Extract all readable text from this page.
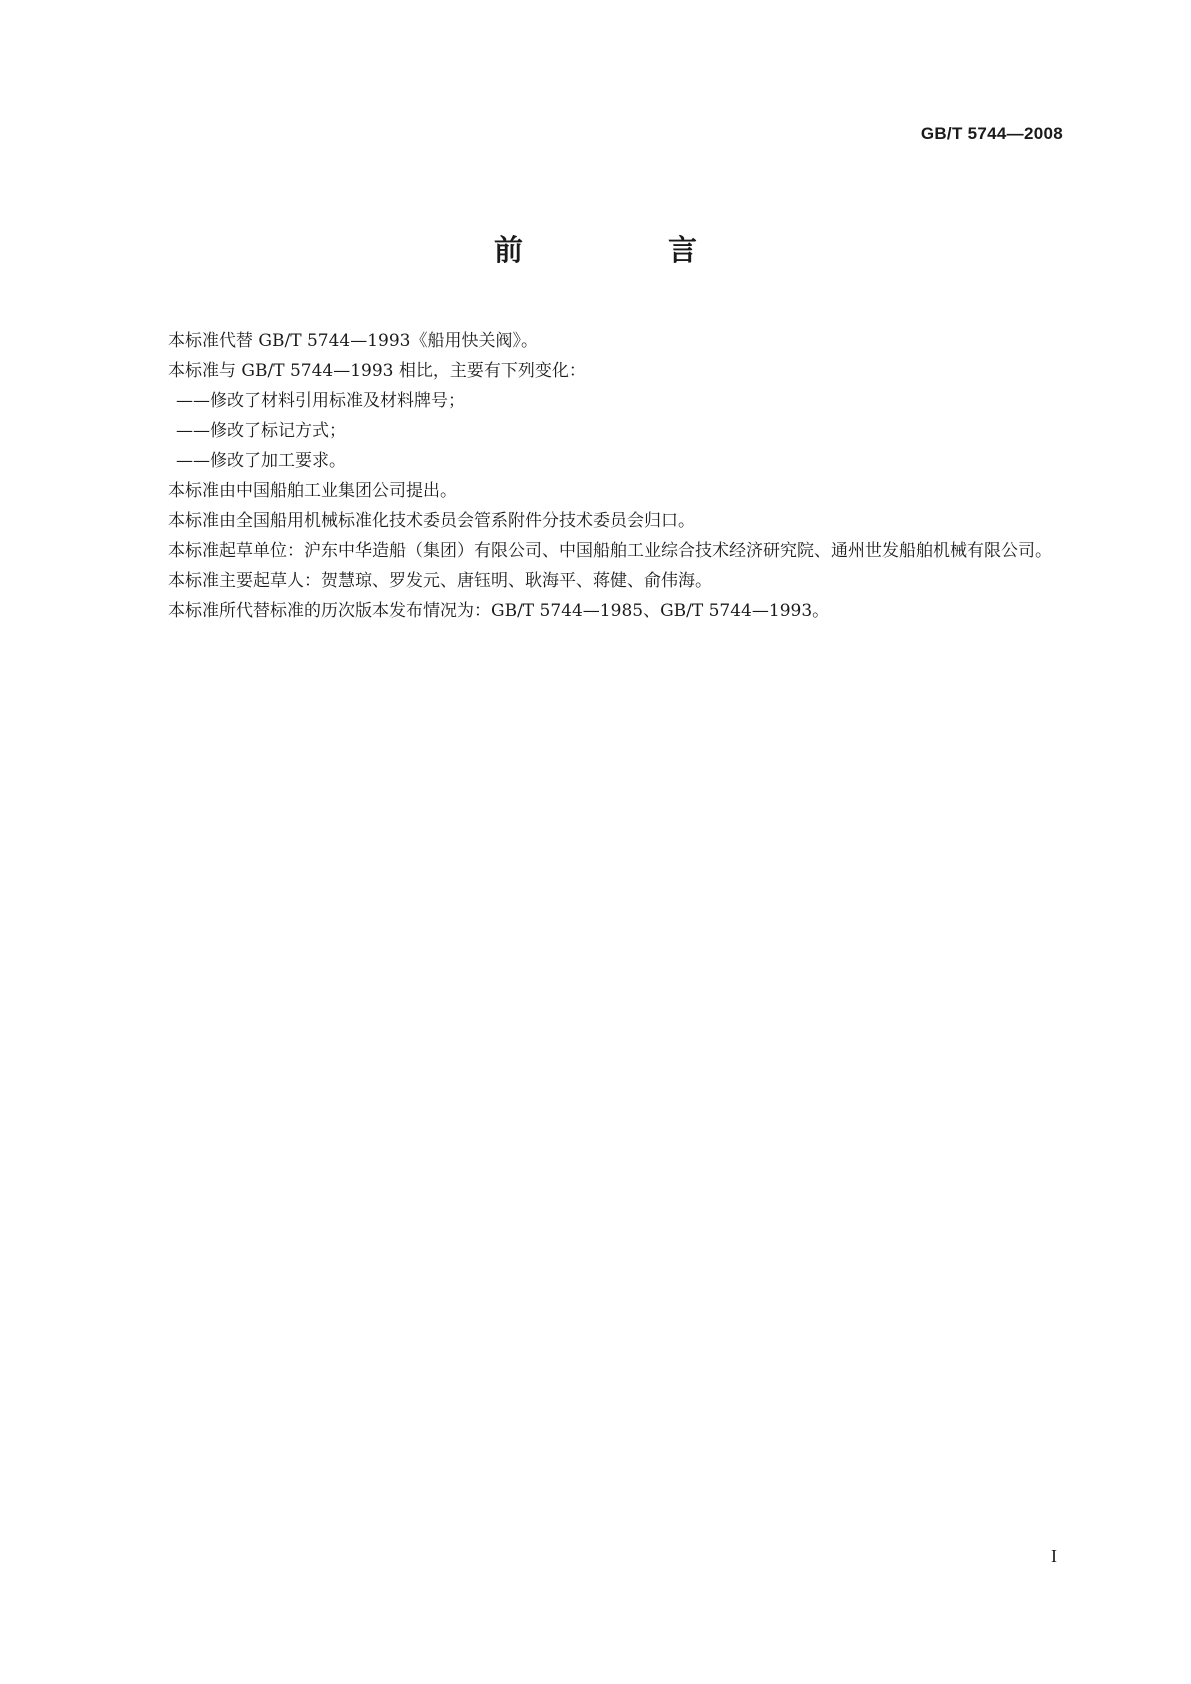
GB/T 5744—2008
前　言

本标准代替 GB/T 5744—1993《船用快关阀》。

本标准与 GB/T 5744—1993 相比，主要有下列变化：

——修改了材料引用标准及材料牌号；

——修改了标记方式；

——修改了加工要求。

本标准由中国船舶工业集团公司提出。

本标准由全国船用机械标准化技术委员会管系附件分技术委员会归口。

本标准起草单位：沪东中华造船（集团）有限公司、中国船舶工业综合技术经济研究院、通州世发船舶机械有限公司。

本标准主要起草人：贺慧琼、罗发元、唐钰明、耿海平、蒋健、俞伟海。

本标准所代替标准的历次版本发布情况为：GB/T 5744—1985、GB/T 5744—1993。

I
